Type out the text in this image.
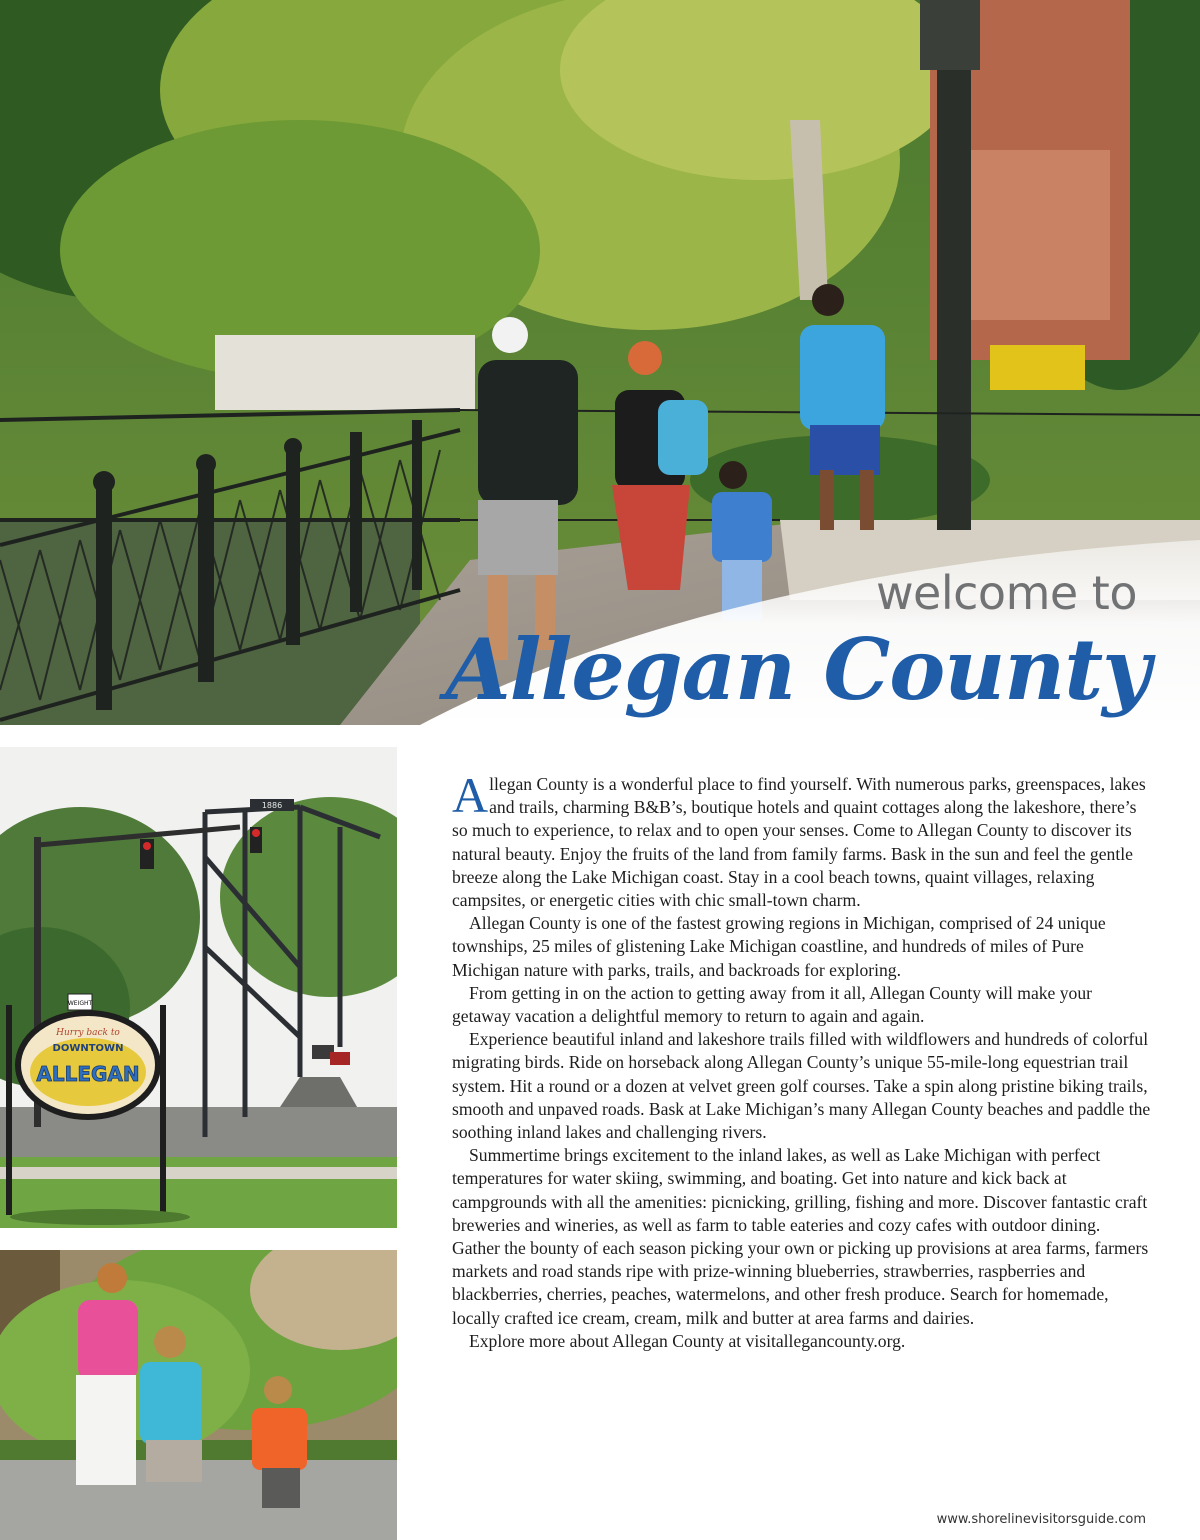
welcome to
Allegan County
1886
WEIGHT
Hurry back to
DOWNTOWN
ALLEGAN

Allegan County is a wonderful place to find yourself. With numerous parks, greenspaces, lakes and trails, charming B&B’s, boutique hotels and quaint cottages along the lakeshore, there’s so much to experience, to relax and to open your senses. Come to Allegan County to discover its natural beauty. Enjoy the fruits of the land from family farms. Bask in the sun and feel the gentle breeze along the Lake Michigan coast. Stay in a cool beach towns, quaint villages, relaxing campsites, or energetic cities with chic small-town charm.

Allegan County is one of the fastest growing regions in Michigan, comprised of 24 unique townships, 25 miles of glistening Lake Michigan coastline, and hundreds of miles of Pure Michigan nature with parks, trails, and backroads for exploring.

From getting in on the action to getting away from it all, Allegan County will make your getaway vacation a delightful memory to return to again and again.

Experience beautiful inland and lakeshore trails filled with wildflowers and hundreds of colorful migrating birds. Ride on horseback along Allegan County’s unique 55-mile-long equestrian trail system. Hit a round or a dozen at velvet green golf courses. Take a spin along pristine biking trails, smooth and unpaved roads. Bask at Lake Michigan’s many Allegan County beaches and paddle the soothing inland lakes and challenging rivers.

Summertime brings excitement to the inland lakes, as well as Lake Michigan with perfect temperatures for water skiing, swimming, and boating. Get into nature and kick back at campgrounds with all the amenities: picnicking, grilling, fishing and more. Discover fantastic craft breweries and wineries, as well as farm to table eateries and cozy cafes with outdoor dining. Gather the bounty of each season picking your own or picking up provisions at area farms, farmers markets and road stands ripe with prize-winning blueberries, strawberries, raspberries and blackberries, cherries, peaches, watermelons, and other fresh produce. Search for homemade, locally crafted ice cream, cream, milk and butter at area farms and dairies.

Explore more about Allegan County at visitallegancounty.org.

www.shorelinevisitorsguide.com
